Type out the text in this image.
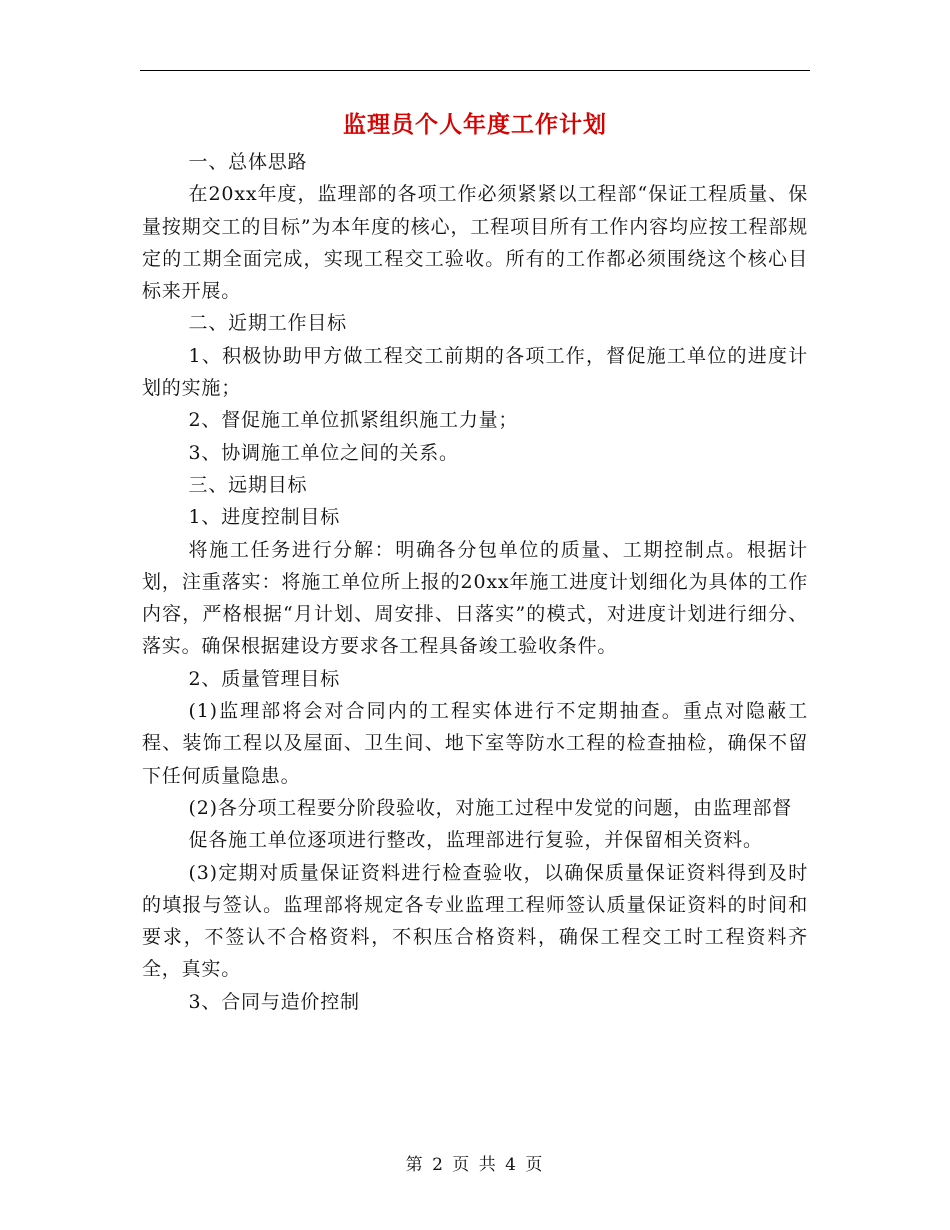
监理员个人年度工作计划

一、总体思路

在20xx年度，监理部的各项工作必须紧紧以工程部“保证工程质量、保量按期交工的目标”为本年度的核心，工程项目所有工作内容均应按工程部规定的工期全面完成，实现工程交工验收。所有的工作都必须围绕这个核心目标来开展。

二、近期工作目标

1、积极协助甲方做工程交工前期的各项工作，督促施工单位的进度计划的实施；

2、督促施工单位抓紧组织施工力量；

3、协调施工单位之间的关系。

三、远期目标

1、进度控制目标

将施工任务进行分解：明确各分包单位的质量、工期控制点。根据计划，注重落实：将施工单位所上报的20xx年施工进度计划细化为具体的工作内容，严格根据“月计划、周安排、日落实”的模式，对进度计划进行细分、落实。确保根据建设方要求各工程具备竣工验收条件。

2、质量管理目标

(1)监理部将会对合同内的工程实体进行不定期抽查。重点对隐蔽工程、装饰工程以及屋面、卫生间、地下室等防水工程的检查抽检，确保不留下任何质量隐患。

(2)各分项工程要分阶段验收，对施工过程中发觉的问题，由监理部督

促各施工单位逐项进行整改，监理部进行复验，并保留相关资料。

(3)定期对质量保证资料进行检查验收，以确保质量保证资料得到及时的填报与签认。监理部将规定各专业监理工程师签认质量保证资料的时间和要求，不签认不合格资料，不积压合格资料，确保工程交工时工程资料齐全，真实。

3、合同与造价控制

第 2 页 共 4 页
